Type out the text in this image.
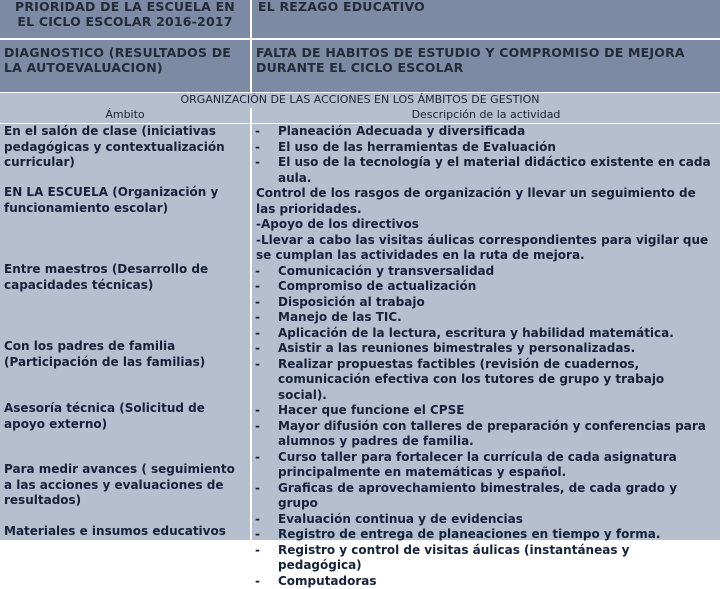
PRIORIDAD DE LA ESCUELA EN EL CICLO ESCOLAR 2016-2017
EL REZAGO EDUCATIVO
DIAGNOSTICO (RESULTADOS DE LA AUTOEVALUACION)
FALTA DE HABITOS DE ESTUDIO Y COMPROMISO DE MEJORA DURANTE EL CICLO ESCOLAR
ORGANIZACIÒN DE LAS ACCIONES EN LOS ÁMBITOS DE GESTION
Ámbito	Descripción de la actividad
En el salón de clase (iniciativas pedagógicas y contextualización curricular)
EN LA ESCUELA (Organización y funcionamiento escolar)
Entre maestros (Desarrollo de capacidades técnicas)
Con los padres de familia (Participación de las familias)
Asesoría técnica (Solicitud de apoyo externo)
Para medir avances ( seguimiento a las acciones y evaluaciones de resultados)
Materiales e insumos educativos
- Planeación Adecuada y diversificada
- El uso de las herramientas de Evaluación
- El uso de la tecnología y el material didáctico existente en cada aula.
Control de los rasgos de organización y llevar un seguimiento de las prioridades.
-Apoyo de los directivos
-Llevar a cabo las visitas áulicas correspondientes para vigilar que se cumplan las actividades en la ruta de mejora.
- Comunicación y transversalidad
- Compromiso de actualización
- Disposición al trabajo
- Manejo de las TIC.
- Aplicación de la lectura, escritura y habilidad matemática.
- Asistir a las reuniones bimestrales y personalizadas.
- Realizar propuestas factibles (revisión de cuadernos, comunicación efectiva con los tutores de grupo y trabajo social).
- Hacer que funcione el CPSE
- Mayor difusión con talleres de preparación y conferencias para alumnos y padres de familia.
- Curso taller para fortalecer la currícula de cada asignatura principalmente en matemáticas y español.
- Graficas de aprovechamiento bimestrales, de cada grado y grupo
- Evaluación continua y de evidencias
- Registro de entrega de planeaciones en tiempo y forma.
- Registro y control de visitas áulicas (instantáneas y pedagógica)
- Computadoras
